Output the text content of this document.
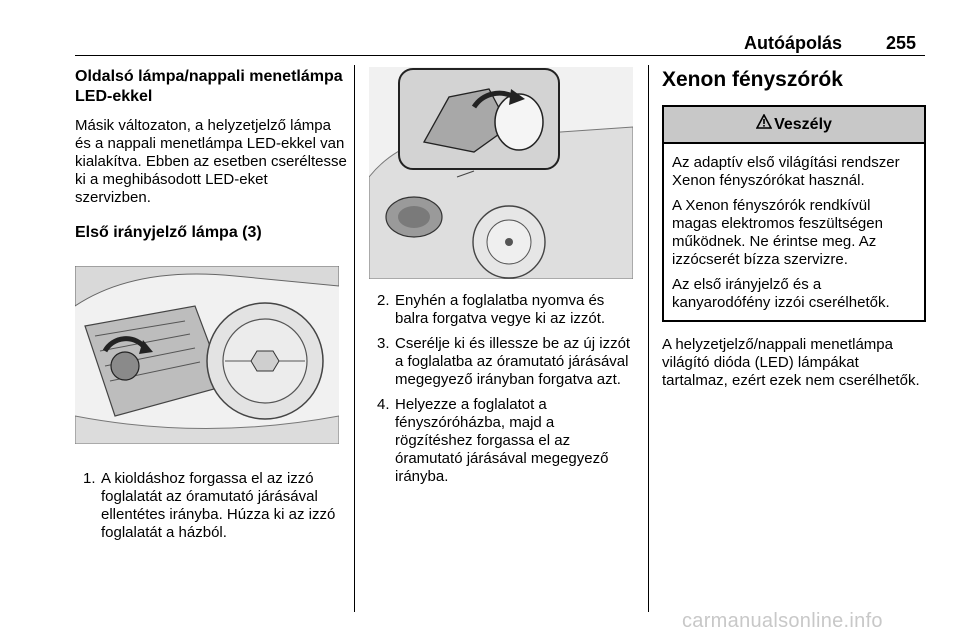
Autóápolás 255
Oldalsó lámpa/nappali menetlámpa LED-ekkel

Másik változaton, a helyzetjelző lámpa és a nappali menetlámpa LED-ekkel van kialakítva. Ebben az esetben cseréltesse ki a meghibásodott LED-eket szervizben.

Első irányjelző lámpa (3)
1. A kioldáshoz forgassa el az izzó foglalatát az óramutató járásával ellentétes irányba. Húzza ki az izzó foglalatát a házból.
2. Enyhén a foglalatba nyomva és balra forgatva vegye ki az izzót.
3. Cserélje ki és illessze be az új izzót a foglalatba az óramutató járásával megegyező irányban forgatva azt.
4. Helyezze a foglalatot a fényszóróházba, majd a rögzítéshez forgassa el az óramutató járásával megegyező irányba.
Xenon fényszórók
Veszély

Az adaptív első világítási rendszer Xenon fényszórókat használ.

A Xenon fényszórók rendkívül magas elektromos feszültségen működnek. Ne érintse meg. Az izzócserét bízza szervizre.

Az első irányjelző és a kanyarodófény izzói cserélhetők.

A helyzetjelző/nappali menetlámpa világító dióda (LED) lámpákat tartalmaz, ezért ezek nem cserélhetők.

carmanualsonline.info
